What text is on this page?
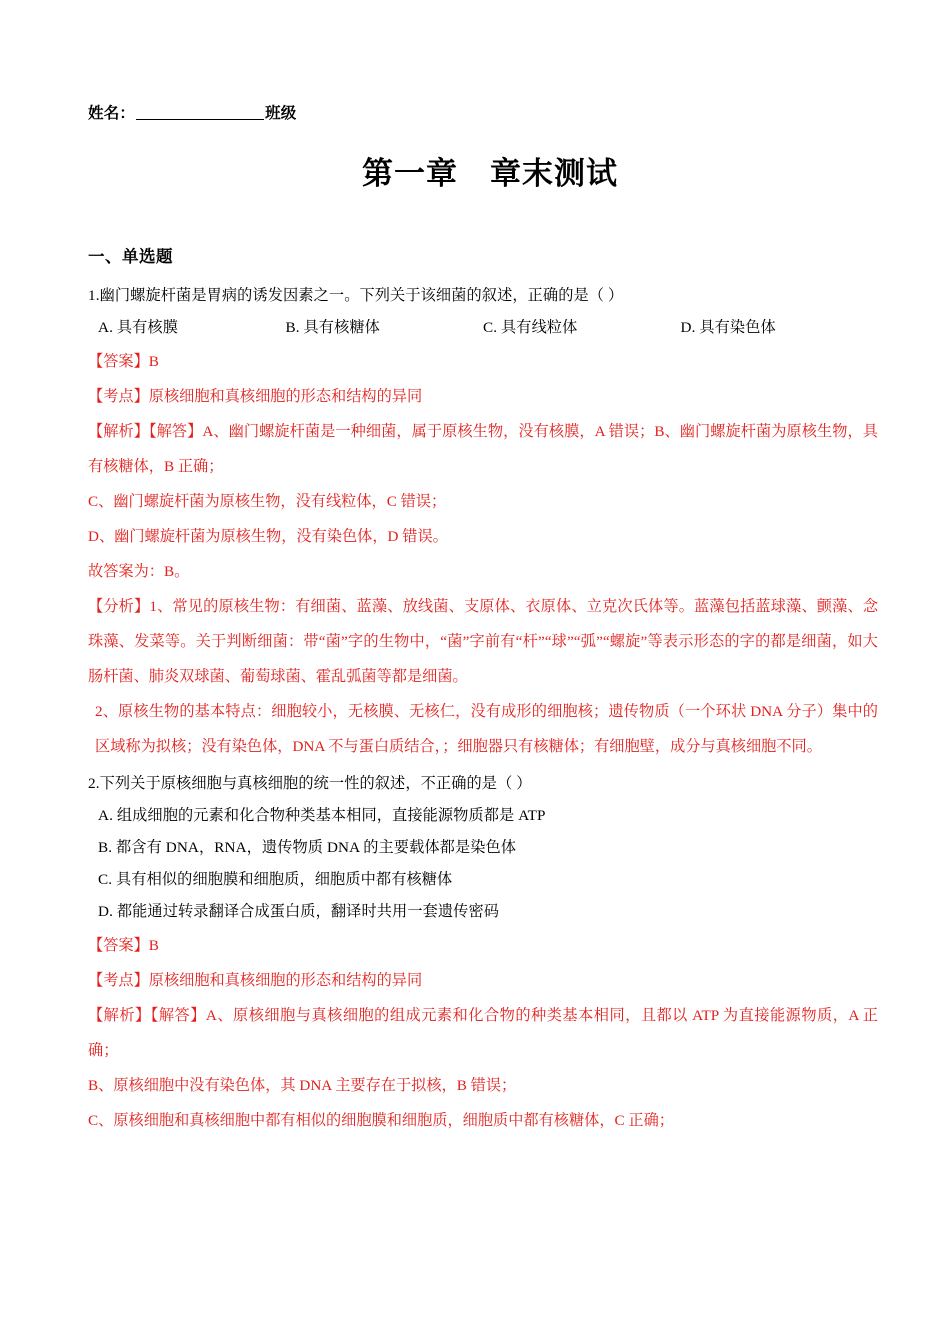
姓名：	班级
第一章　章末测试
一、单选题

1.幽门螺旋杆菌是胃病的诱发因素之一。下列关于该细菌的叙述，正确的是（ ）

A. 具有核膜	B. 具有核糖体	C. 具有线粒体	D. 具有染色体

【答案】B

【考点】原核细胞和真核细胞的形态和结构的异同

【解析】【解答】A、幽门螺旋杆菌是一种细菌，属于原核生物，没有核膜，A 错误；B、幽门螺旋杆菌为原核生物，具有核糖体，B 正确；

C、幽门螺旋杆菌为原核生物，没有线粒体，C 错误；

D、幽门螺旋杆菌为原核生物，没有染色体，D 错误。

故答案为：B。

【分析】1、常见的原核生物：有细菌、蓝藻、放线菌、支原体、衣原体、立克次氏体等。蓝藻包括蓝球藻、颤藻、念珠藻、发菜等。关于判断细菌：带“菌”字的生物中，“菌”字前有“杆”“球”“弧”“螺旋”等表示形态的字的都是细菌，如大肠杆菌、肺炎双球菌、葡萄球菌、霍乱弧菌等都是细菌。

2、原核生物的基本特点：细胞较小，无核膜、无核仁，没有成形的细胞核；遗传物质（一个环状 DNA 分子）集中的区域称为拟核；没有染色体，DNA 不与蛋白质结合，；细胞器只有核糖体；有细胞壁，成分与真核细胞不同。

2.下列关于原核细胞与真核细胞的统一性的叙述，不正确的是（ ）

A. 组成细胞的元素和化合物种类基本相同，直接能源物质都是 ATP

B. 都含有 DNA，RNA，遗传物质 DNA 的主要载体都是染色体

C. 具有相似的细胞膜和细胞质，细胞质中都有核糖体

D. 都能通过转录翻译合成蛋白质，翻译时共用一套遗传密码

【答案】B

【考点】原核细胞和真核细胞的形态和结构的异同

【解析】【解答】A、原核细胞与真核细胞的组成元素和化合物的种类基本相同，且都以 ATP 为直接能源物质，A 正确；

B、原核细胞中没有染色体，其 DNA 主要存在于拟核，B 错误；

C、原核细胞和真核细胞中都有相似的细胞膜和细胞质，细胞质中都有核糖体，C 正确；
